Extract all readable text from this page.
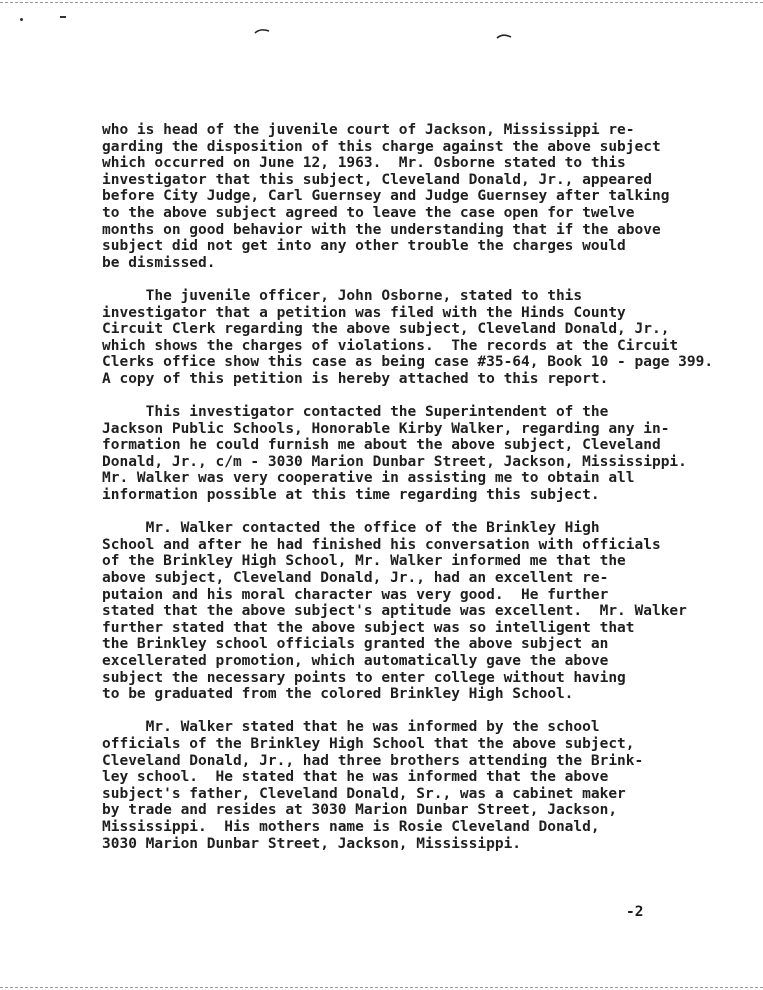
who is head of the juvenile court of Jackson, Mississippi re-
garding the disposition of this charge against the above subject
which occurred on June 12, 1963.  Mr. Osborne stated to this
investigator that this subject, Cleveland Donald, Jr., appeared
before City Judge, Carl Guernsey and Judge Guernsey after talking
to the above subject agreed to leave the case open for twelve
months on good behavior with the understanding that if the above
subject did not get into any other trouble the charges would
be dismissed.
The juvenile officer, John Osborne, stated to this
investigator that a petition was filed with the Hinds County
Circuit Clerk regarding the above subject, Cleveland Donald, Jr.,
which shows the charges of violations.  The records at the Circuit
Clerks office show this case as being case #35-64, Book 10 - page 399.
A copy of this petition is hereby attached to this report.
This investigator contacted the Superintendent of the
Jackson Public Schools, Honorable Kirby Walker, regarding any in-
formation he could furnish me about the above subject, Cleveland
Donald, Jr., c/m - 3030 Marion Dunbar Street, Jackson, Mississippi.
Mr. Walker was very cooperative in assisting me to obtain all
information possible at this time regarding this subject.
Mr. Walker contacted the office of the Brinkley High
School and after he had finished his conversation with officials
of the Brinkley High School, Mr. Walker informed me that the
above subject, Cleveland Donald, Jr., had an excellent re-
putaion and his moral character was very good.  He further
stated that the above subject's aptitude was excellent.  Mr. Walker
further stated that the above subject was so intelligent that
the Brinkley school officials granted the above subject an
excellerated promotion, which automatically gave the above
subject the necessary points to enter college without having
to be graduated from the colored Brinkley High School.
Mr. Walker stated that he was informed by the school
officials of the Brinkley High School that the above subject,
Cleveland Donald, Jr., had three brothers attending the Brink-
ley school.  He stated that he was informed that the above
subject's father, Cleveland Donald, Sr., was a cabinet maker
by trade and resides at 3030 Marion Dunbar Street, Jackson,
Mississippi.  His mothers name is Rosie Cleveland Donald,
3030 Marion Dunbar Street, Jackson, Mississippi.
-2
